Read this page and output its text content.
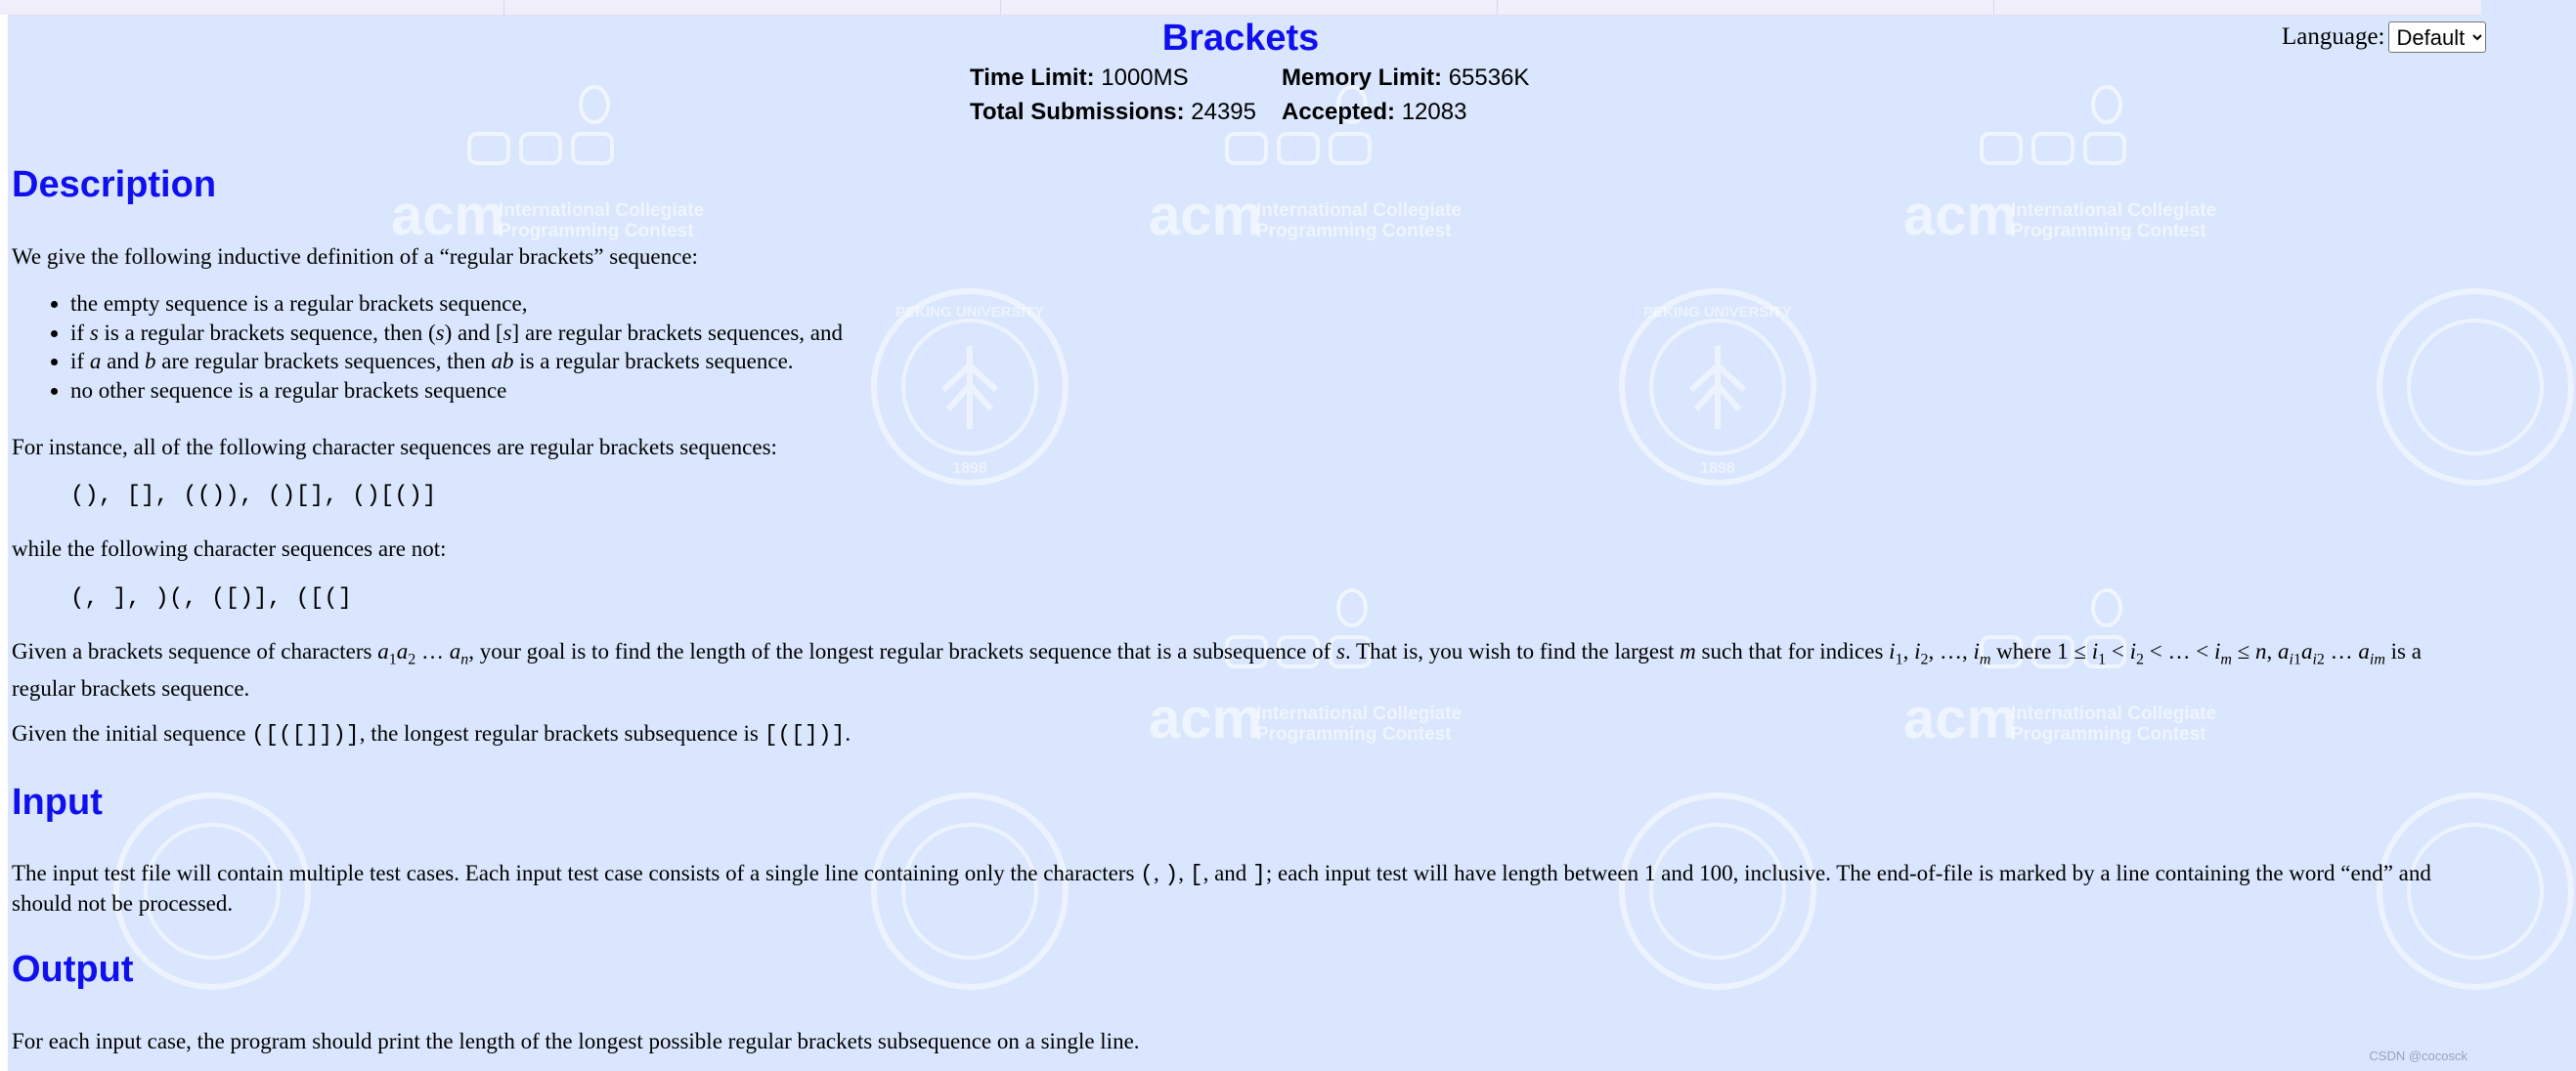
acm
International Collegiate
Programming Contest	acm
International Collegiate
Programming Contest	acm
International Collegiate
Programming Contest
acm
International Collegiate
Programming Contest	acm
International Collegiate
Programming Contest
PEKING UNIVERSITY
1898
PEKING UNIVERSITY
1898
Brackets	Language:
Default
Time Limit: 1000MS	Memory Limit: 65536K
Total Submissions: 24395 Accepted: 12083
Description
We give the following inductive definition of a “regular brackets” sequence:
• the empty sequence is a regular brackets sequence,
• if s is a regular brackets sequence, then (s) and [s] are regular brackets sequences, and
• if a and b are regular brackets sequences, then ab is a regular brackets sequence.
• no other sequence is a regular brackets sequence
For instance, all of the following character sequences are regular brackets sequences:
(), [], (()), ()[], ()[()]
while the following character sequences are not:
(, ], )(, ([)], ([(]
Given a brackets sequence of characters $a_1a_2$ … $a_n$, your goal is to find the length of the longest regular brackets sequence that is a subsequence of s. That is, you wish to find the largest m such that for indices $i_1$, $i_2$, …, $i_m$ where $1 \le i_1 < i_2$ < … < $i_m \le n$, $a_{i1}a_{i2}$ … $a_{im}$ is a regular brackets sequence.
Given the initial sequence ([([]])], the longest regular brackets subsequence is [([])].
Input
The input test file will contain multiple test cases. Each input test case consists of a single line containing only the characters (, ), [, and ]; each input test will have length between 1 and 100, inclusive. The end-of-file is marked by a line containing the word “end” and should not be processed.
Output
For each input case, the program should print the length of the longest possible regular brackets subsequence on a single line.
CSDN @cocosck
